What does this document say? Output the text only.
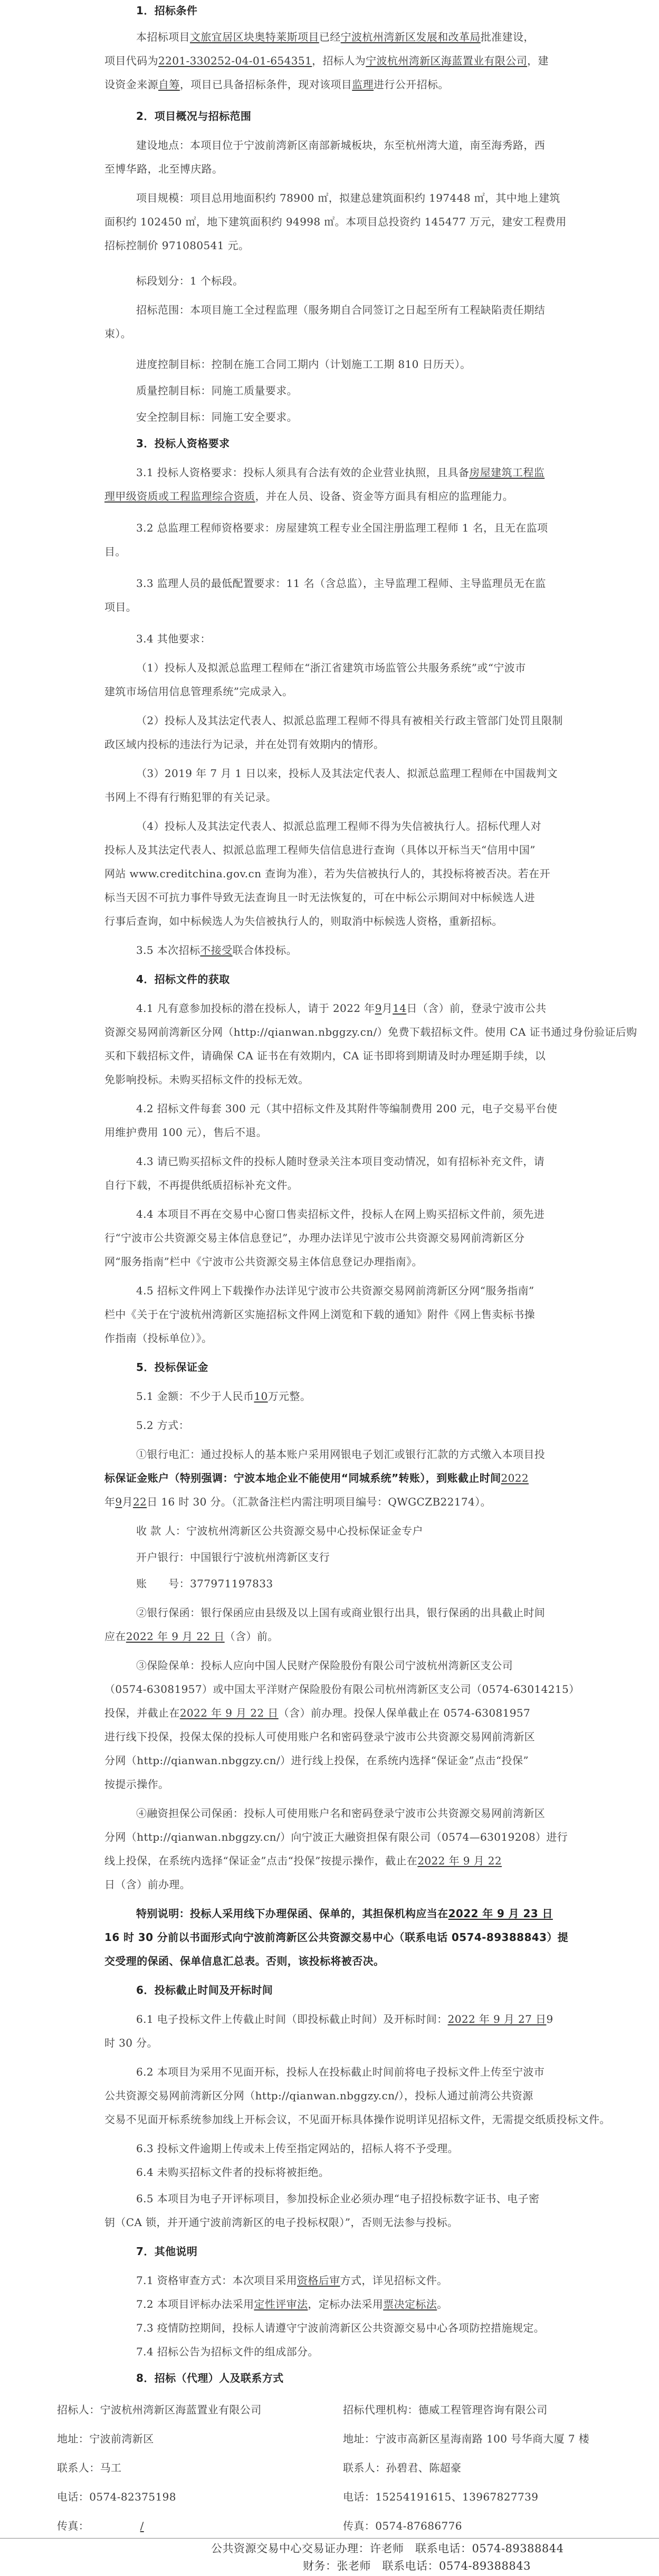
1．招标条件
本招标项目文旅宜居区块奥特莱斯项目已经宁波杭州湾新区发展和改革局批准建设，
项目代码为2201-330252-04-01-654351，招标人为宁波杭州湾新区海蓝置业有限公司，建
设资金来源自筹，项目已具备招标条件，现对该项目监理进行公开招标。
2．项目概况与招标范围
建设地点：本项目位于宁波前湾新区南部新城板块，东至杭州湾大道，南至海秀路，西
至博华路，北至博庆路。
项目规模：项目总用地面积约 78900 ㎡，拟建总建筑面积约 197448 ㎡，其中地上建筑
面积约 102450 ㎡，地下建筑面积约 94998 ㎡。本项目总投资约 145477 万元，建安工程费用
招标控制价 971080541 元。
标段划分：1 个标段。
招标范围：本项目施工全过程监理（服务期自合同签订之日起至所有工程缺陷责任期结
束）。
进度控制目标：控制在施工合同工期内（计划施工工期 810 日历天）。
质量控制目标：同施工质量要求。
安全控制目标：同施工安全要求。
3．投标人资格要求
3.1 投标人资格要求：投标人须具有合法有效的企业营业执照，且具备房屋建筑工程监
理甲级资质或工程监理综合资质，并在人员、设备、资金等方面具有相应的监理能力。
3.2 总监理工程师资格要求：房屋建筑工程专业全国注册监理工程师 1 名，且无在监项
目。
3.3 监理人员的最低配置要求：11 名（含总监），主导监理工程师、主导监理员无在监
项目。
3.4 其他要求：
（1）投标人及拟派总监理工程师在“浙江省建筑市场监管公共服务系统”或“宁波市
建筑市场信用信息管理系统”完成录入。
（2）投标人及其法定代表人、拟派总监理工程师不得具有被相关行政主管部门处罚且限制
政区域内投标的违法行为记录，并在处罚有效期内的情形。
（3）2019 年 7 月 1 日以来，投标人及其法定代表人、拟派总监理工程师在中国裁判文
书网上不得有行贿犯罪的有关记录。
（4）投标人及其法定代表人、拟派总监理工程师不得为失信被执行人。招标代理人对
投标人及其法定代表人、拟派总监理工程师失信信息进行查询（具体以开标当天“信用中国”
网站 www.creditchina.gov.cn 查询为准），若为失信被执行人的，其投标将被否决。若在开
标当天因不可抗力事件导致无法查询且一时无法恢复的，可在中标公示期间对中标候选人进
行事后查询，如中标候选人为失信被执行人的，则取消中标候选人资格，重新招标。
3.5 本次招标不接受联合体投标。
4．招标文件的获取
4.1 凡有意参加投标的潜在投标人，请于 2022 年9月14日（含）前，登录宁波市公共
资源交易网前湾新区分网（http://qianwan.nbggzy.cn/）免费下载招标文件。使用 CA 证书通过身份验证后购
买和下载招标文件，请确保 CA 证书在有效期内，CA 证书即将到期请及时办理延期手续，以
免影响投标。未购买招标文件的投标无效。
4.2 招标文件每套 300 元（其中招标文件及其附件等编制费用 200 元，电子交易平台使
用维护费用 100 元），售后不退。
4.3 请已购买招标文件的投标人随时登录关注本项目变动情况，如有招标补充文件，请
自行下载，不再提供纸质招标补充文件。
4.4 本项目不再在交易中心窗口售卖招标文件，投标人在网上购买招标文件前，须先进
行“宁波市公共资源交易主体信息登记”，办理办法详见宁波市公共资源交易网前湾新区分
网“服务指南”栏中《宁波市公共资源交易主体信息登记办理指南》。
4.5 招标文件网上下载操作办法详见宁波市公共资源交易网前湾新区分网“服务指南”
栏中《关于在宁波杭州湾新区实施招标文件网上浏览和下载的通知》附件《网上售卖标书操
作指南（投标单位）》。
5．投标保证金
5.1 金额：不少于人民币10万元整。
5.2 方式：
①银行电汇：通过投标人的基本账户采用网银电子划汇或银行汇款的方式缴入本项目投
标保证金账户（特别强调：宁波本地企业不能使用“同城系统”转账），到账截止时间2022
年9月22日 16 时 30 分。（汇款备注栏内需注明项目编号：QWGCZB22174）。
收 款 人：宁波杭州湾新区公共资源交易中心投标保证金专户
开户银行：中国银行宁波杭州湾新区支行
账　　号：377971197833
②银行保函：银行保函应由县级及以上国有或商业银行出具，银行保函的出具截止时间
应在2022 年 9 月 22 日（含）前。
③保险保单：投标人应向中国人民财产保险股份有限公司宁波杭州湾新区支公司
（0574-63081957）或中国太平洋财产保险股份有限公司杭州湾新区支公司（0574-63014215）
投保，并截止在2022 年 9 月 22 日（含）前办理。投保人保单截止在 0574-63081957
进行线下投保，投保太保的投标人可使用账户名和密码登录宁波市公共资源交易网前湾新区
分网（http://qianwan.nbggzy.cn/）进行线上投保，在系统内选择“保证金”点击“投保”
按提示操作。
④融资担保公司保函：投标人可使用账户名和密码登录宁波市公共资源交易网前湾新区
分网（http://qianwan.nbggzy.cn/）向宁波正大融资担保有限公司（0574—63019208）进行
线上投保，在系统内选择“保证金”点击“投保”按提示操作，截止在2022 年 9 月 22
日（含）前办理。
特别说明：投标人采用线下办理保函、保单的，其担保机构应当在2022 年 9 月 23 日
16 时 30 分前以书面形式向宁波前湾新区公共资源交易中心（联系电话 0574-89388843）提
交受理的保函、保单信息汇总表。否则，该投标将被否决。
6．投标截止时间及开标时间
6.1 电子投标文件上传截止时间（即投标截止时间）及开标时间：2022 年 9 月 27 日9
时 30 分。
6.2 本项目为采用不见面开标，投标人在投标截止时间前将电子投标文件上传至宁波市
公共资源交易网前湾新区分网（http://qianwan.nbggzy.cn/），投标人通过前湾公共资源
交易不见面开标系统参加线上开标会议，不见面开标具体操作说明详见招标文件，无需提交纸质投标文件。
6.3 投标文件逾期上传或未上传至指定网站的，招标人将不予受理。
6.4 未购买招标文件者的投标将被拒绝。
6.5 本项目为电子开评标项目，参加投标企业必须办理“电子招投标数字证书、电子密
钥（CA 锁，并开通宁波前湾新区的电子投标权限）”，否则无法参与投标。
7．其他说明
7.1 资格审查方式：本次项目采用资格后审方式，详见招标文件。
7.2 本项目评标办法采用定性评审法，定标办法采用票决定标法。
7.3 疫情防控期间，投标人请遵守宁波前湾新区公共资源交易中心各项防控措施规定。
7.4 招标公告为招标文件的组成部分。
8．招标（代理）人及联系方式
招标人：宁波杭州湾新区海蓝置业有限公司	招标代理机构：德威工程管理咨询有限公司
地址：宁波前湾新区	地址：宁波市高新区星海南路 100 号华商大厦 7 楼
联系人：马工	联系人：孙碧君、陈超豪
电话：0574-82375198	电话：15254191615、13967827739
传真：	/	传真：0574-87686776
公共资源交易中心交易证办理：许老师　联系电话：0574-89388844
财务：张老师　联系电话：0574-89388843
